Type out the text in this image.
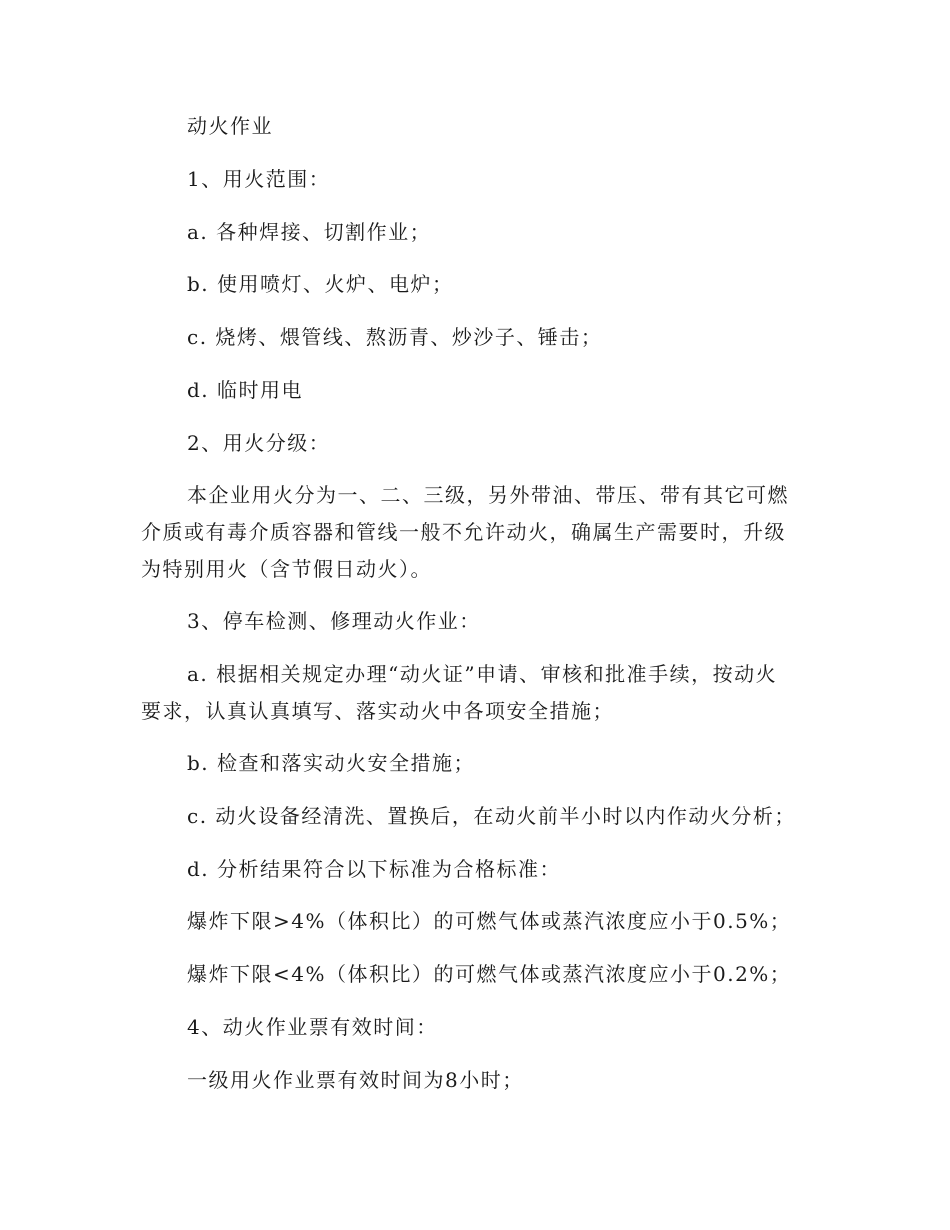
动火作业

1、用火范围：

a. 各种焊接、切割作业；

b. 使用喷灯、火炉、电炉；

c. 烧烤、煨管线、熬沥青、炒沙子、锤击；

d. 临时用电

2、用火分级：

本企业用火分为一、二、三级，另外带油、带压、带有其它可燃

介质或有毒介质容器和管线一般不允许动火，确属生产需要时，升级

为特别用火（含节假日动火）。

3、停车检测、修理动火作业：

a. 根据相关规定办理“动火证”申请、审核和批准手续，按动火

要求，认真认真填写、落实动火中各项安全措施；

b. 检查和落实动火安全措施；

c. 动火设备经清洗、置换后，在动火前半小时以内作动火分析；

d. 分析结果符合以下标准为合格标准：

爆炸下限>4%（体积比）的可燃气体或蒸汽浓度应小于0.5%；

爆炸下限<4%（体积比）的可燃气体或蒸汽浓度应小于0.2%；

4、动火作业票有效时间：

一级用火作业票有效时间为8小时；
